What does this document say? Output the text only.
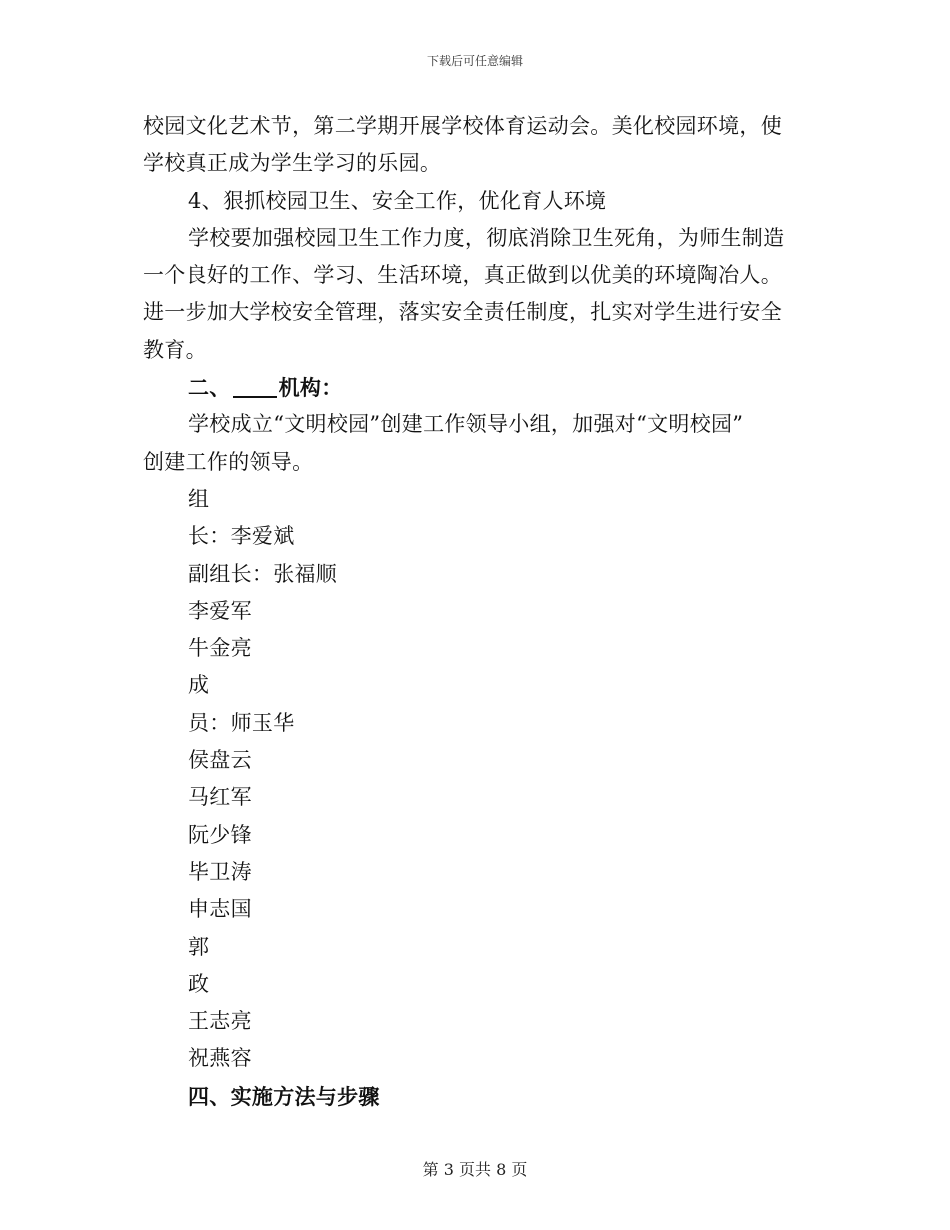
下载后可任意编辑
校园文化艺术节，第二学期开展学校体育运动会。美化校园环境，使
学校真正成为学生学习的乐园。
4、狠抓校园卫生、安全工作，优化育人环境
学校要加强校园卫生工作力度，彻底消除卫生死角，为师生制造
一个良好的工作、学习、生活环境，真正做到以优美的环境陶冶人。
进一步加大学校安全管理，落实安全责任制度，扎实对学生进行安全
教育。
二、 机构：
学校成立“文明校园”创建工作领导小组，加强对“文明校园”
创建工作的领导。
组
长：李爱斌
副组长：张福顺
李爱军
牛金亮
成
员：师玉华
侯盘云
马红军
阮少锋
毕卫涛
申志国
郭
政
王志亮
祝燕容
四、实施方法与步骤
第 3 页共 8 页
